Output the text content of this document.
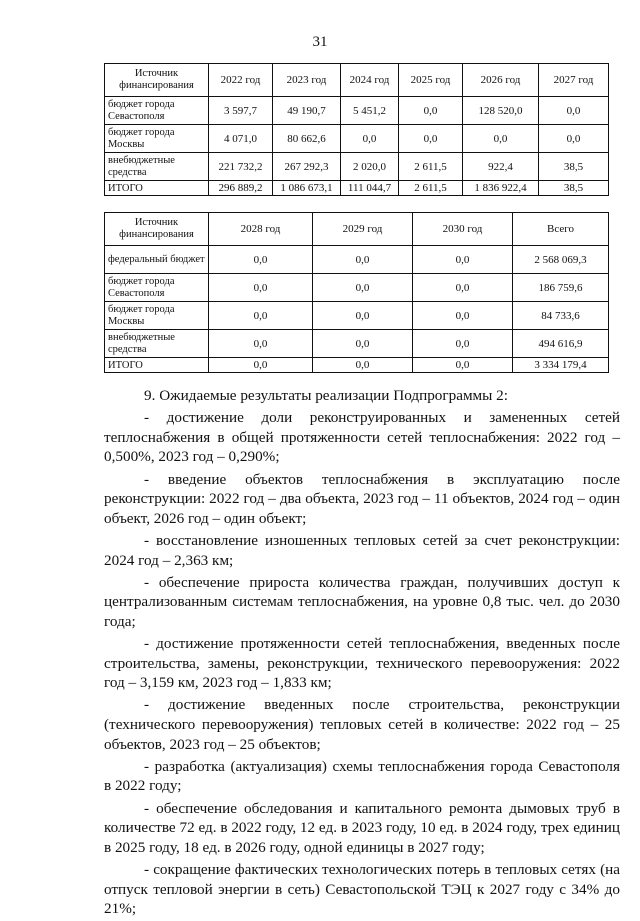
31
Источник финансирования	2022 год	2023 год	2024 год	2025 год	2026 год	2027 год
бюджет города Севастополя	3 597,7	49 190,7	5 451,2	0,0	128 520,0	0,0
бюджет города Москвы	4 071,0	80 662,6	0,0	0,0	0,0	0,0
внебюджетные средства	221 732,2	267 292,3	2 020,0	2 611,5	922,4	38,5
ИТОГО	296 889,2	1 086 673,1	111 044,7	2 611,5	1 836 922,4	38,5
Источник финансирования	2028 год	2029 год	2030 год	Всего
федеральный бюджет	0,0	0,0	0,0	2 568 069,3
бюджет города Севастополя	0,0	0,0	0,0	186 759,6
бюджет города Москвы	0,0	0,0	0,0	84 733,6
внебюджетные средства	0,0	0,0	0,0	494 616,9
ИТОГО	0,0	0,0	0,0	3 334 179,4

9. Ожидаемые результаты реализации Подпрограммы 2:

- достижение доли реконструированных и замененных сетей теплоснабжения в общей протяженности сетей теплоснабжения: 2022 год – 0,500%, 2023 год – 0,290%;

- введение объектов теплоснабжения в эксплуатацию после реконструкции: 2022 год – два объекта, 2023 год – 11 объектов, 2024 год – один объект, 2026 год – один объект;

- восстановление изношенных тепловых сетей за счет реконструкции: 2024 год – 2,363 км;

- обеспечение прироста количества граждан, получивших доступ к централизованным системам теплоснабжения, на уровне 0,8 тыс. чел. до 2030 года;

- достижение протяженности сетей теплоснабжения, введенных после строительства, замены, реконструкции, технического перевооружения: 2022 год – 3,159 км, 2023 год – 1,833 км;

- достижение введенных после строительства, реконструкции (технического перевооружения) тепловых сетей в количестве: 2022 год – 25 объектов, 2023 год – 25 объектов;

- разработка (актуализация) схемы теплоснабжения города Севастополя в 2022 году;

- обеспечение обследования и капитального ремонта дымовых труб в количестве 72 ед. в 2022 году, 12 ед. в 2023 году, 10 ед. в 2024 году, трех единиц в 2025 году, 18 ед. в 2026 году, одной единицы в 2027 году;

- сокращение фактических технологических потерь в тепловых сетях (на отпуск тепловой энергии в сеть) Севастопольской ТЭЦ к 2027 году с 34% до 21%;
